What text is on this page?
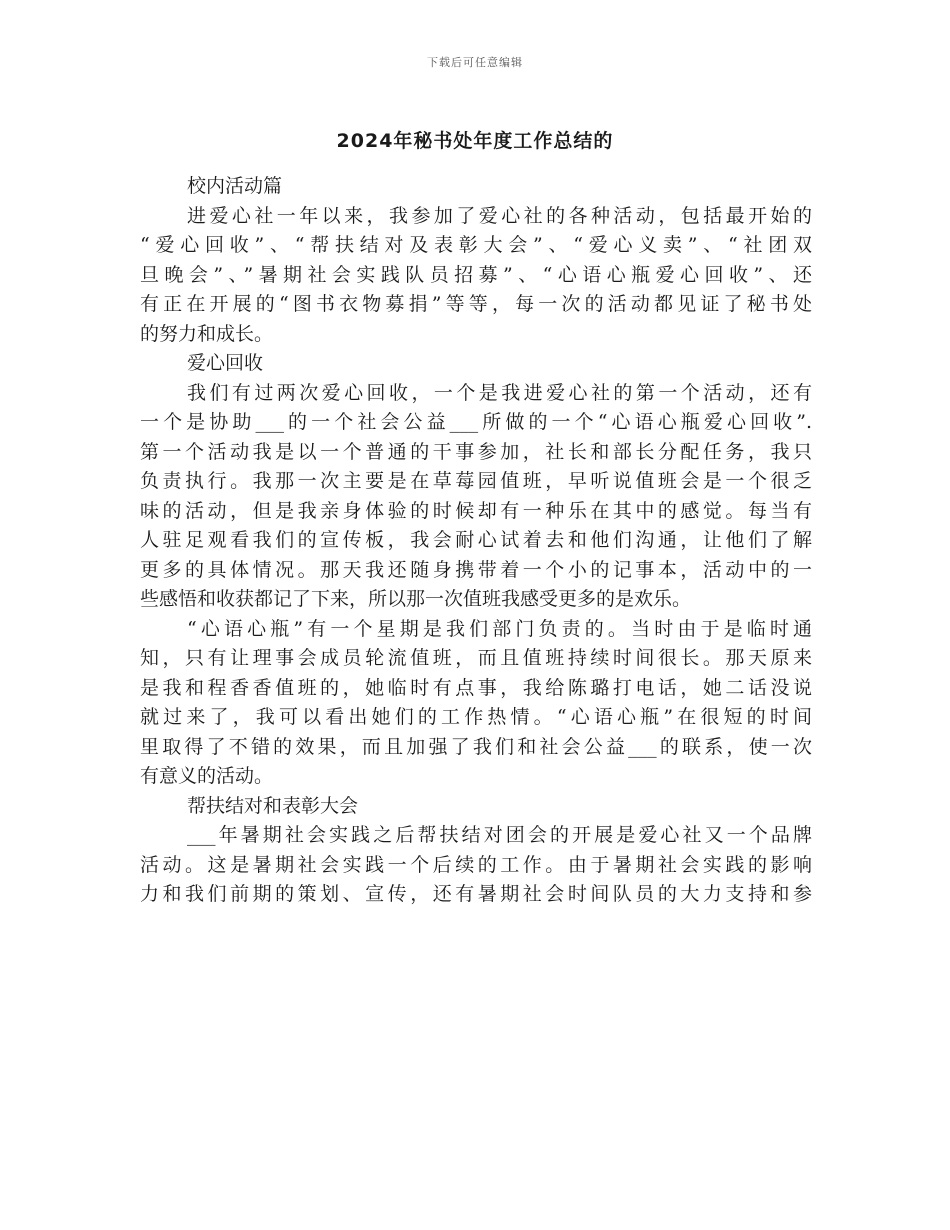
下载后可任意编辑
2024年秘书处年度工作总结的
校内活动篇
进爱心社一年以来，我参加了爱心社的各种活动，包括最开始的
“爱心回收”、“帮扶结对及表彰大会”、“爱心义卖”、“社团双
旦晚会”、”暑期社会实践队员招募”、“心语心瓶爱心回收”、还
有正在开展的“图书衣物募捐”等等，每一次的活动都见证了秘书处
的努力和成长。
爱心回收
我们有过两次爱心回收，一个是我进爱心社的第一个活动，还有
一个是协助___的一个社会公益___所做的一个“心语心瓶爱心回收”.
第一个活动我是以一个普通的干事参加，社长和部长分配任务，我只
负责执行。我那一次主要是在草莓园值班，早听说值班会是一个很乏
味的活动，但是我亲身体验的时候却有一种乐在其中的感觉。每当有
人驻足观看我们的宣传板，我会耐心试着去和他们沟通，让他们了解
更多的具体情况。那天我还随身携带着一个小的记事本，活动中的一
些感悟和收获都记了下来，所以那一次值班我感受更多的是欢乐。
“心语心瓶”有一个星期是我们部门负责的。当时由于是临时通
知，只有让理事会成员轮流值班，而且值班持续时间很长。那天原来
是我和程香香值班的，她临时有点事，我给陈璐打电话，她二话没说
就过来了，我可以看出她们的工作热情。“心语心瓶”在很短的时间
里取得了不错的效果，而且加强了我们和社会公益___的联系，使一次
有意义的活动。
帮扶结对和表彰大会
___年暑期社会实践之后帮扶结对团会的开展是爱心社又一个品牌
活动。这是暑期社会实践一个后续的工作。由于暑期社会实践的影响
力和我们前期的策划、宣传，还有暑期社会时间队员的大力支持和参
